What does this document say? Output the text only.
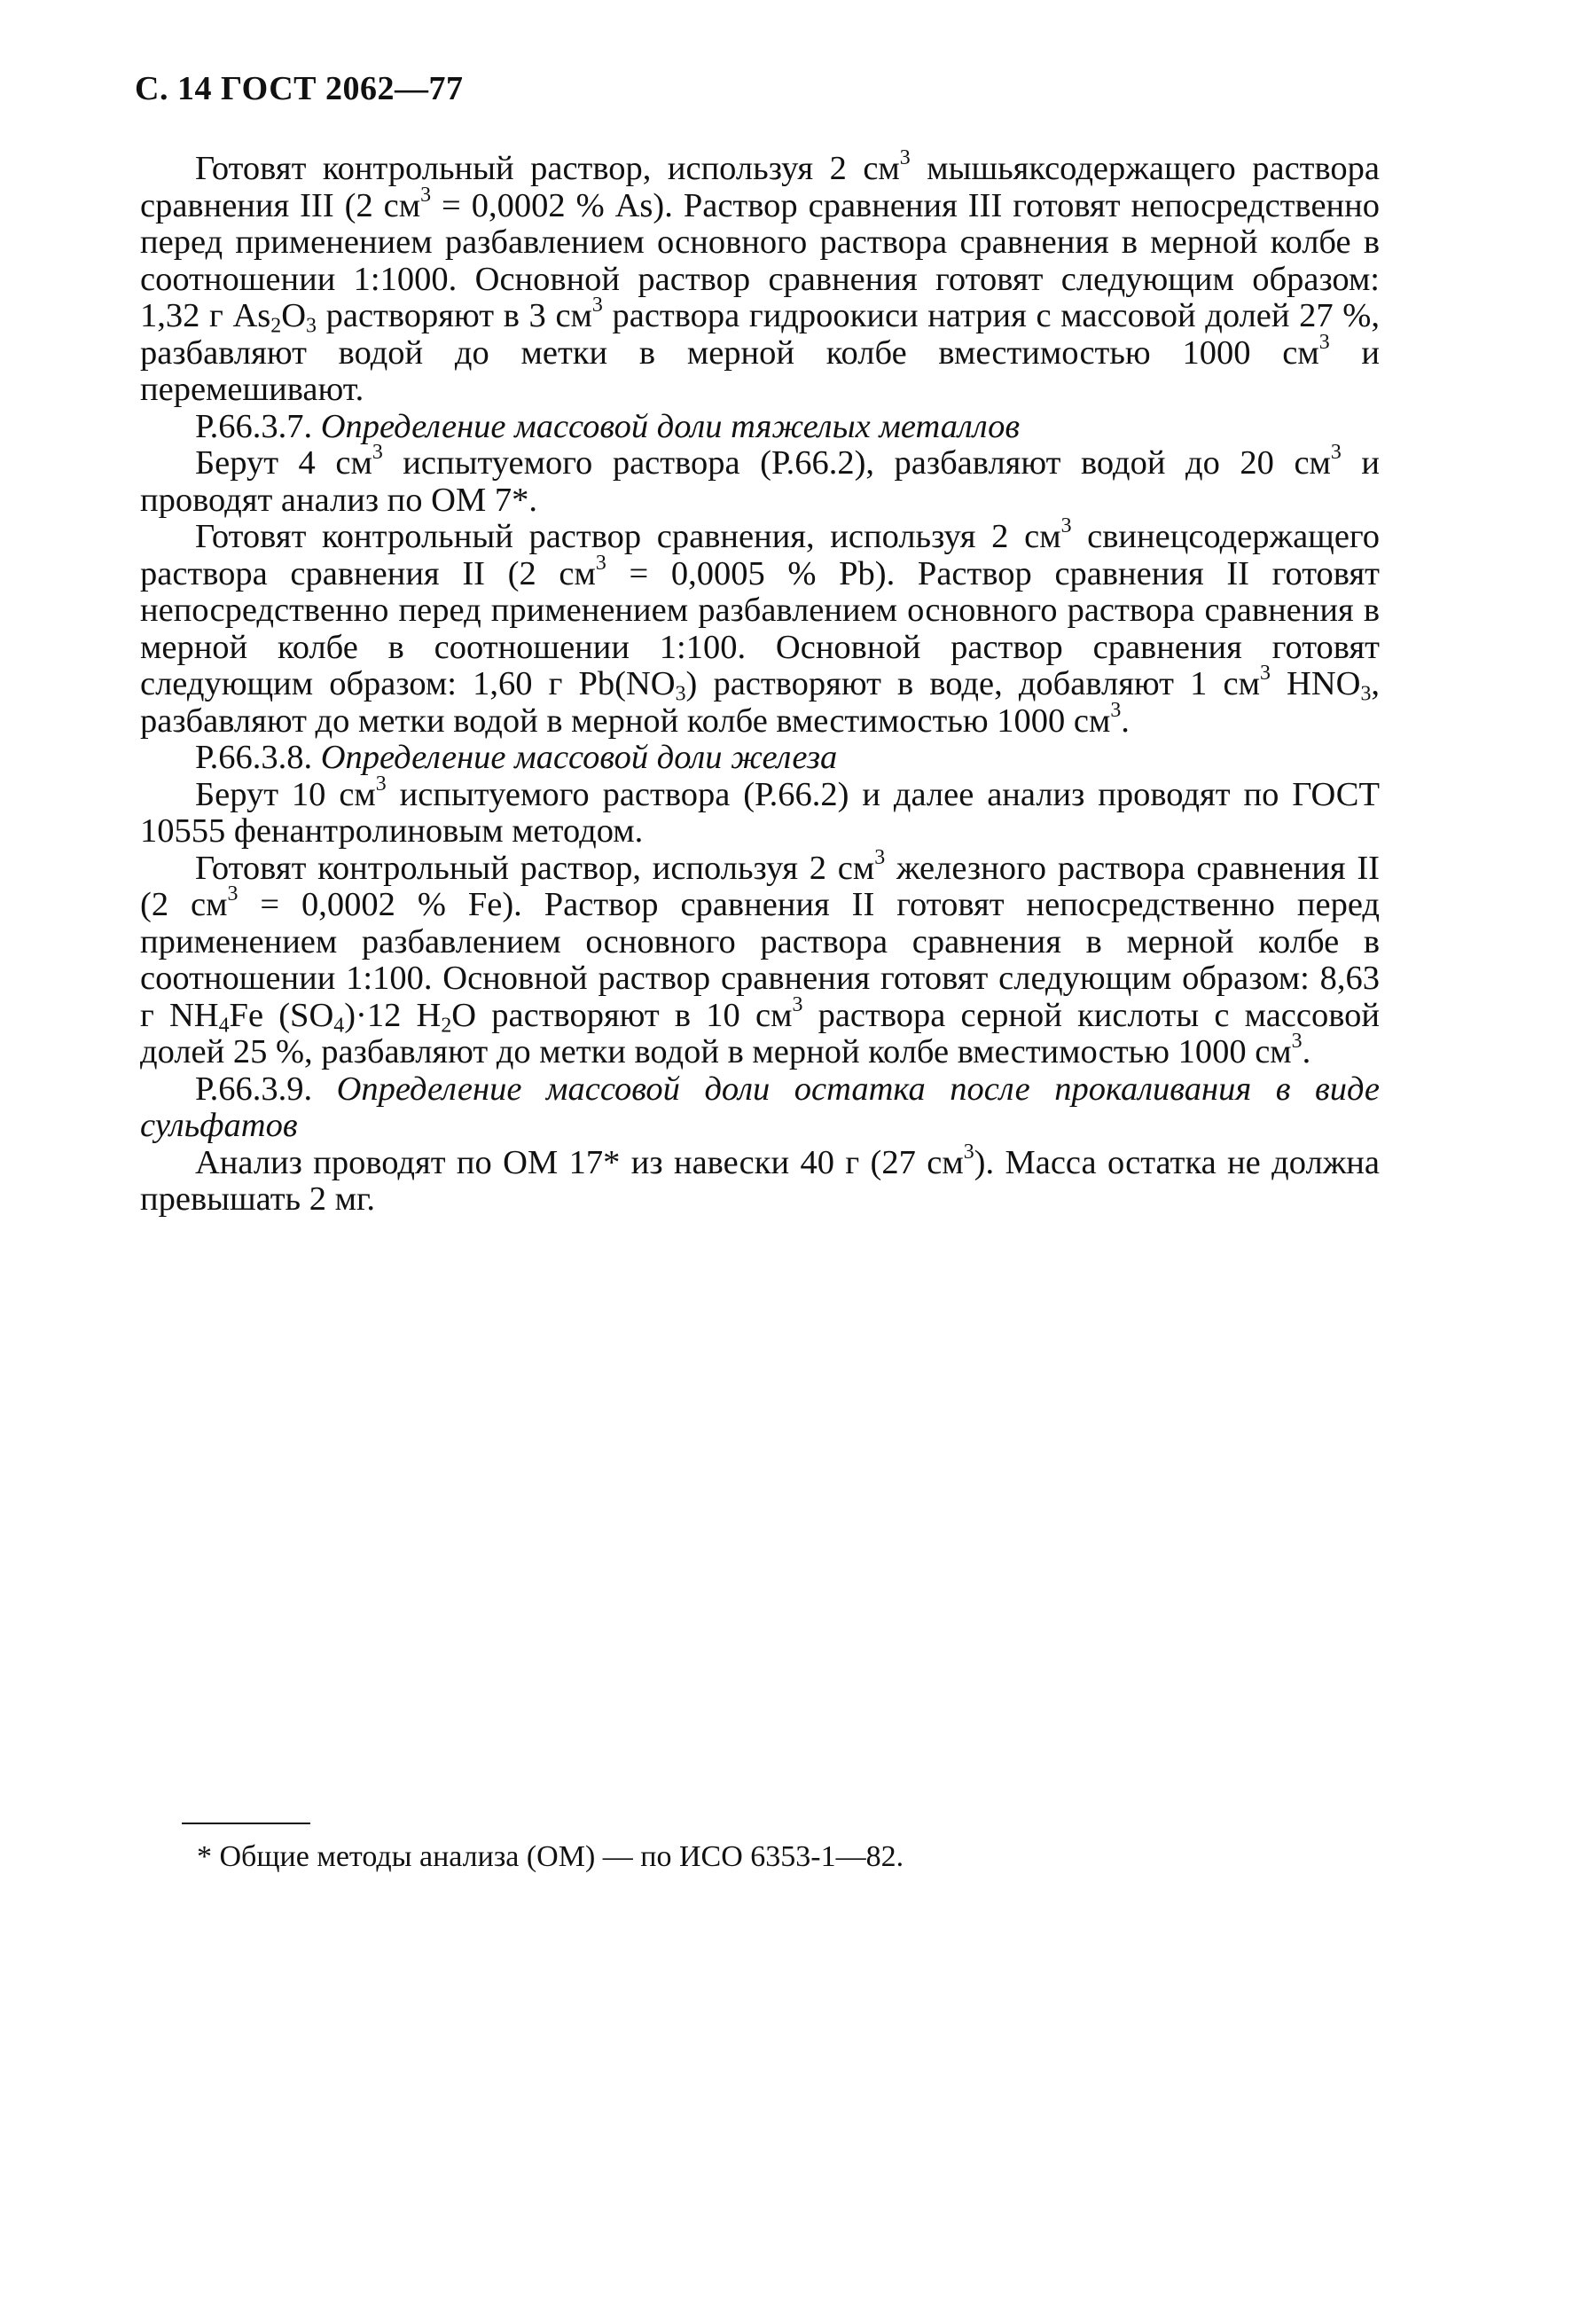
С. 14 ГОСТ 2062—77

Готовят контрольный раствор, используя 2 $см^3$ мышьяксодержащего раствора сравнения III (2 $см^3 = 0,0002$ % As). Раствор сравнения III готовят непосредственно перед применением разбавлением основного раствора сравнения в мерной колбе в соотношении 1:1000. Основной раствор сравнения готовят следующим образом: 1,32 г $As_2O_3$ растворяют в 3 $см^3$ раствора гидроокиси натрия с массовой долей 27 %, разбавляют водой до метки в мерной колбе вместимостью 1000 $см^3$ и перемешивают.

Р.66.3.7. Определение массовой доли тяжелых металлов

Берут 4 $см^3$ испытуемого раствора (Р.66.2), разбавляют водой до 20 $см^3$ и проводят анализ по ОМ 7*.

Готовят контрольный раствор сравнения, используя 2 $см^3$ свинецсодержащего раствора сравнения II (2 $см^3 = 0,0005$ % Pb). Раствор сравнения II готовят непосредственно перед применением разбавлением основного раствора сравнения в мерной колбе в соотношении 1:100. Основной раствор сравнения готовят следующим образом: 1,60 г $Pb(NO_3)$ растворяют в воде, добавляют 1 $см^3$ $HNO_3$, разбавляют до метки водой в мерной колбе вместимостью 1000 $см^3$.

Р.66.3.8. Определение массовой доли железа

Берут 10 $см^3$ испытуемого раствора (Р.66.2) и далее анализ проводят по ГОСТ 10555 фенантролиновым методом.

Готовят контрольный раствор, используя 2 $см^3$ железного раствора сравнения II (2 $см^3 = 0,0002$ % Fe). Раствор сравнения II готовят непосредственно перед применением разбавлением основного раствора сравнения в мерной колбе в соотношении 1:100. Основной раствор сравнения готовят следующим образом: 8,63 г $NH_4Fe$ $(SO_4)\cdot 12$ $H_2O$ растворяют в 10 $см^3$ раствора серной кислоты с массовой долей 25 %, разбавляют до метки водой в мерной колбе вместимостью 1000 $см^3$.

Р.66.3.9. Определение массовой доли остатка после прокаливания в виде сульфатов

Анализ проводят по ОМ 17* из навески 40 г (27 $см^3$). Масса остатка не должна превышать 2 мг.

* Общие методы анализа (ОМ) — по ИСО 6353-1—82.
